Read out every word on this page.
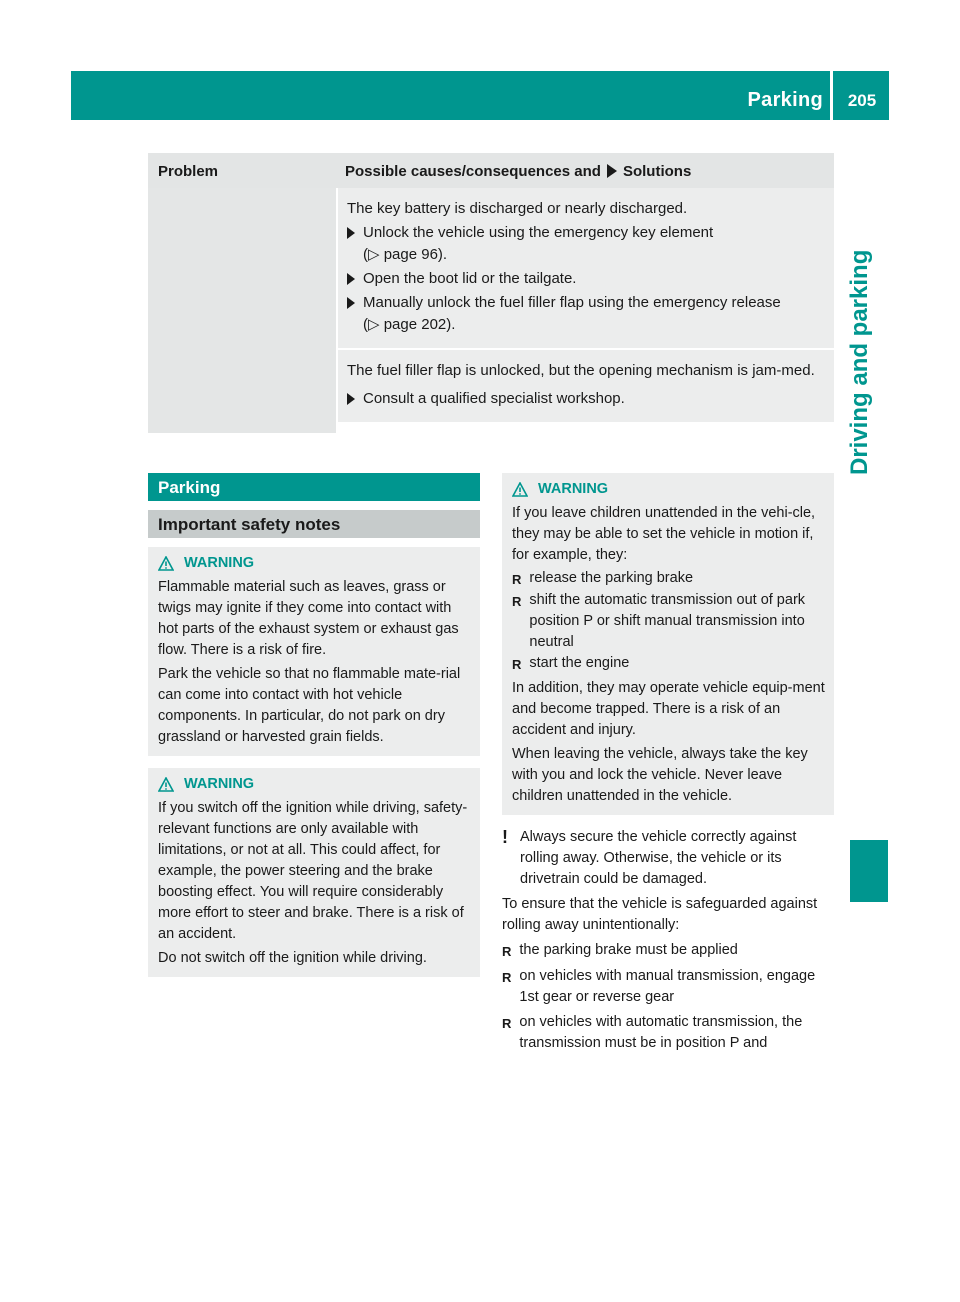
Parking	205
Driving and parking
Problem	Possible causes/consequences and Solutions

The key battery is discharged or nearly discharged.

Unlock the vehicle using the emergency key element
(▷ page 96).
Open the boot lid or the tailgate.
Manually unlock the fuel filler flap using the emergency release
(▷ page 202).

The fuel filler flap is unlocked, but the opening mechanism is jam-med.

Consult a qualified specialist workshop.
Parking
Important safety notes
WARNING

Flammable material such as leaves, grass or twigs may ignite if they come into contact with hot parts of the exhaust system or exhaust gas flow. There is a risk of fire.

Park the vehicle so that no flammable mate-rial can come into contact with hot vehicle components. In particular, do not park on dry grassland or harvested grain fields.

WARNING

If you switch off the ignition while driving, safety-relevant functions are only available with limitations, or not at all. This could affect, for example, the power steering and the brake boosting effect. You will require considerably more effort to steer and brake. There is a risk of an accident.

Do not switch off the ignition while driving.

WARNING

If you leave children unattended in the vehi-cle, they may be able to set the vehicle in motion if, for example, they:

R release the parking brake
R shift the automatic transmission out of park position P or shift manual transmission into neutral
R start the engine

In addition, they may operate vehicle equip-ment and become trapped. There is a risk of an accident and injury.

When leaving the vehicle, always take the key with you and lock the vehicle. Never leave children unattended in the vehicle.

! Always secure the vehicle correctly against rolling away. Otherwise, the vehicle or its drivetrain could be damaged.

To ensure that the vehicle is safeguarded against rolling away unintentionally:

R the parking brake must be applied
R on vehicles with manual transmission, engage 1st gear or reverse gear
R on vehicles with automatic transmission, the transmission must be in position P and
